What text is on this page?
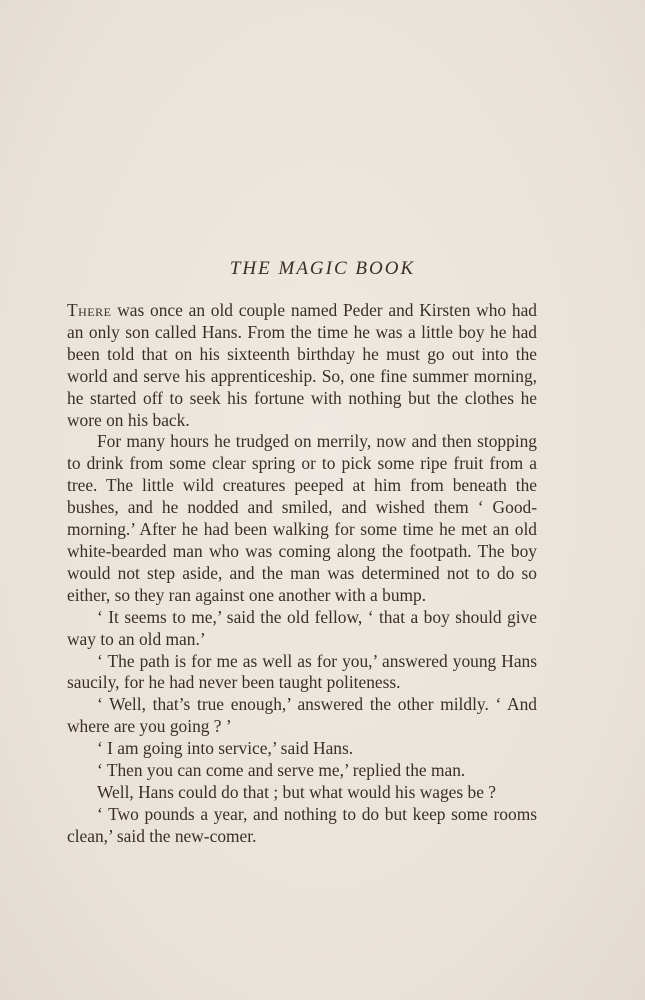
THE MAGIC BOOK

There was once an old couple named Peder and Kirsten who had an only son called Hans. From the time he was a little boy he had been told that on his sixteenth birthday he must go out into the world and serve his apprenticeship. So, one fine summer morning, he started off to seek his fortune with nothing but the clothes he wore on his back.

For many hours he trudged on merrily, now and then stopping to drink from some clear spring or to pick some ripe fruit from a tree. The little wild creatures peeped at him from beneath the bushes, and he nodded and smiled, and wished them ‘ Good-morning.’ After he had been walking for some time he met an old white-bearded man who was coming along the footpath. The boy would not step aside, and the man was determined not to do so either, so they ran against one another with a bump.

‘ It seems to me,’ said the old fellow, ‘ that a boy should give way to an old man.’

‘ The path is for me as well as for you,’ answered young Hans saucily, for he had never been taught politeness.

‘ Well, that’s true enough,’ answered the other mildly. ‘ And where are you going ? ’

‘ I am going into service,’ said Hans.

‘ Then you can come and serve me,’ replied the man.

Well, Hans could do that ; but what would his wages be ?

‘ Two pounds a year, and nothing to do but keep some rooms clean,’ said the new-comer.
